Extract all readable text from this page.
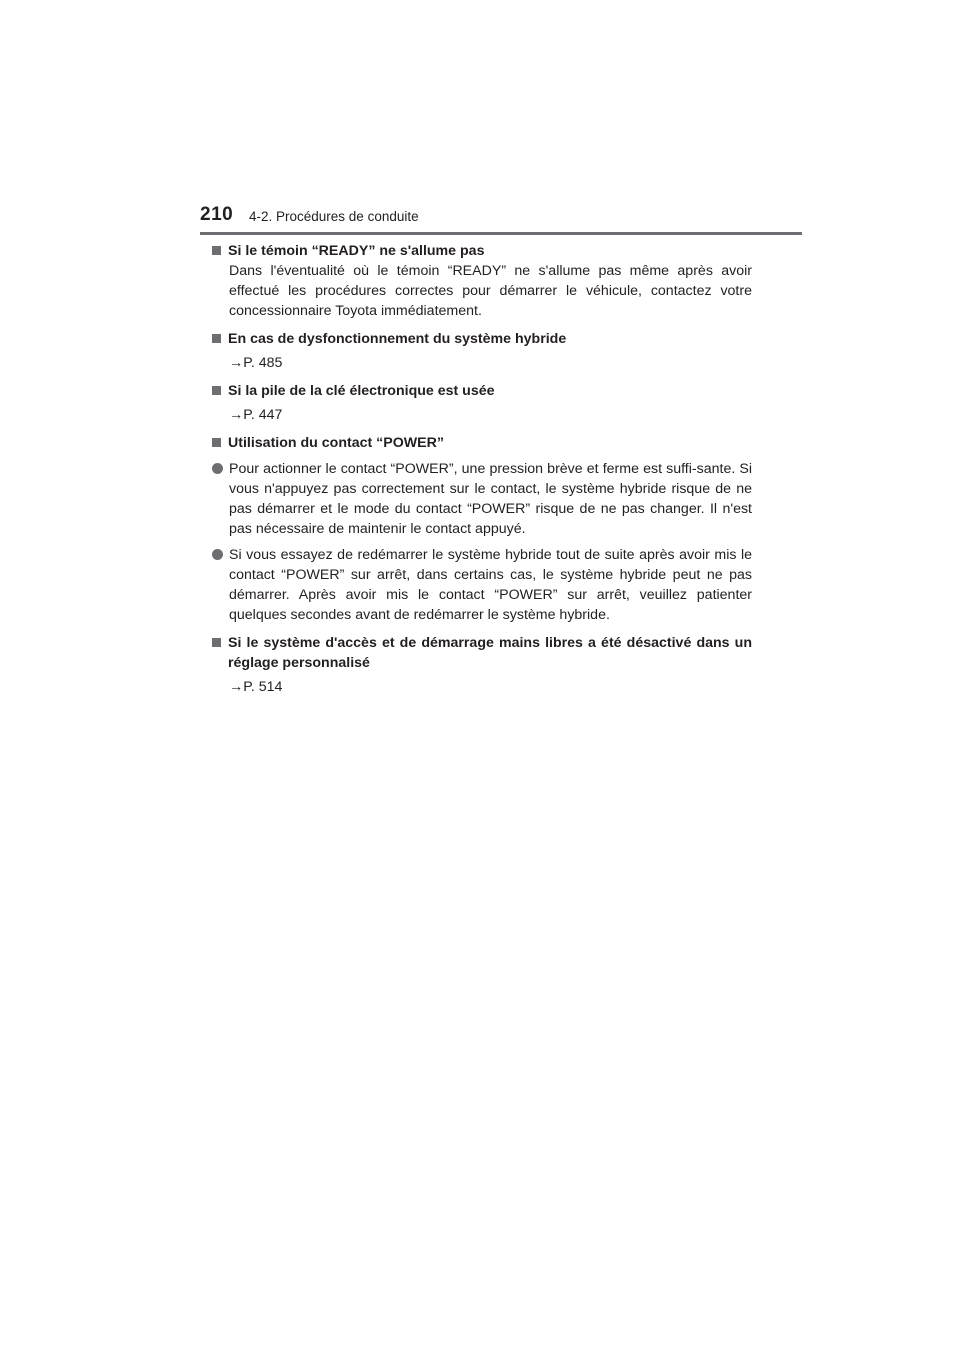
210 4-2. Procédures de conduite
Si le témoin “READY” ne s'allume pas
Dans l'éventualité où le témoin “READY” ne s'allume pas même après avoir effectué les procédures correctes pour démarrer le véhicule, contactez votre concessionnaire Toyota immédiatement.
En cas de dysfonctionnement du système hybride
→P. 485
Si la pile de la clé électronique est usée
→P. 447
Utilisation du contact “POWER”
Pour actionner le contact “POWER”, une pression brève et ferme est suffi-sante. Si vous n'appuyez pas correctement sur le contact, le système hybride risque de ne pas démarrer et le mode du contact “POWER” risque de ne pas changer. Il n'est pas nécessaire de maintenir le contact appuyé.
Si vous essayez de redémarrer le système hybride tout de suite après avoir mis le contact “POWER” sur arrêt, dans certains cas, le système hybride peut ne pas démarrer. Après avoir mis le contact “POWER” sur arrêt, veuillez patienter quelques secondes avant de redémarrer le système hybride.
Si le système d'accès et de démarrage mains libres a été désactivé dans un réglage personnalisé
→P. 514
